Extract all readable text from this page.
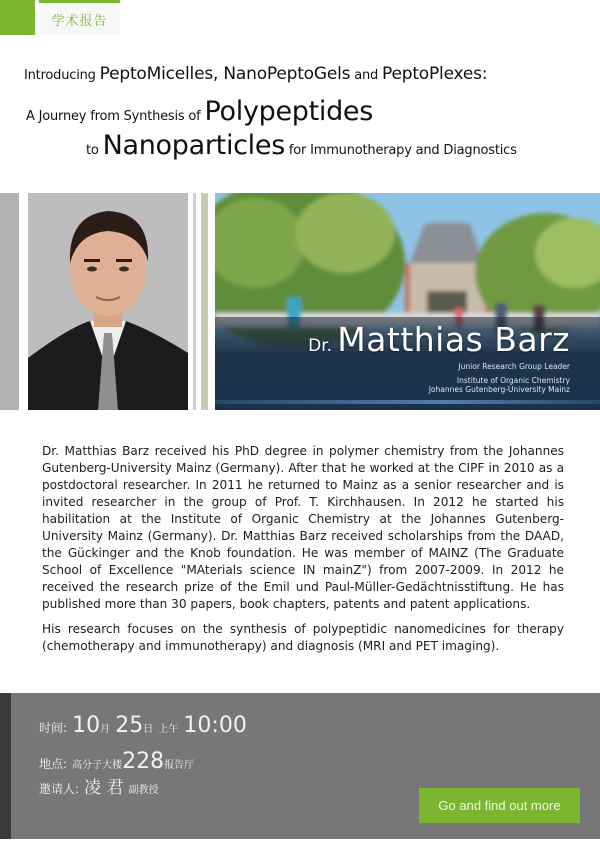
学术报告
Introducing PeptoMicelles, NanoPeptoGels and PeptoPlexes:
A Journey from Synthesis of Polypeptides
to Nanoparticles for Immunotherapy and Diagnostics
Dr. Matthias Barz
Junior Research Group Leader
Institute of Organic Chemistry
Johannes Gutenberg-University Mainz

Dr. Matthias Barz received his PhD degree in polymer chemistry from the Johannes Gutenberg-University Mainz (Germany). After that he worked at the CIPF in 2010 as a postdoctoral researcher. In 2011 he returned to Mainz as a senior researcher and is invited researcher in the group of Prof. T. Kirchhausen. In 2012 he started his habilitation at the Institute of Organic Chemistry at the Johannes Gutenberg-University Mainz (Germany). Dr. Matthias Barz received scholarships from the DAAD, the Gückinger and the Knob foundation. He was member of MAINZ (The Graduate School of Excellence "MAterials science IN mainZ") from 2007-2009. In 2012 he received the research prize of the Emil und Paul-Müller-Gedächtnisstiftung. He has published more than 30 papers, book chapters, patents and patent applications.

His research focuses on the synthesis of polypeptidic nanomedicines for therapy (chemotherapy and immunotherapy) and diagnosis (MRI and PET imaging).

时间: 10月 25日 上午 10:00
地点: 高分子大楼228报告厅
邀请人: 凌 君 副教授
Go and find out more
